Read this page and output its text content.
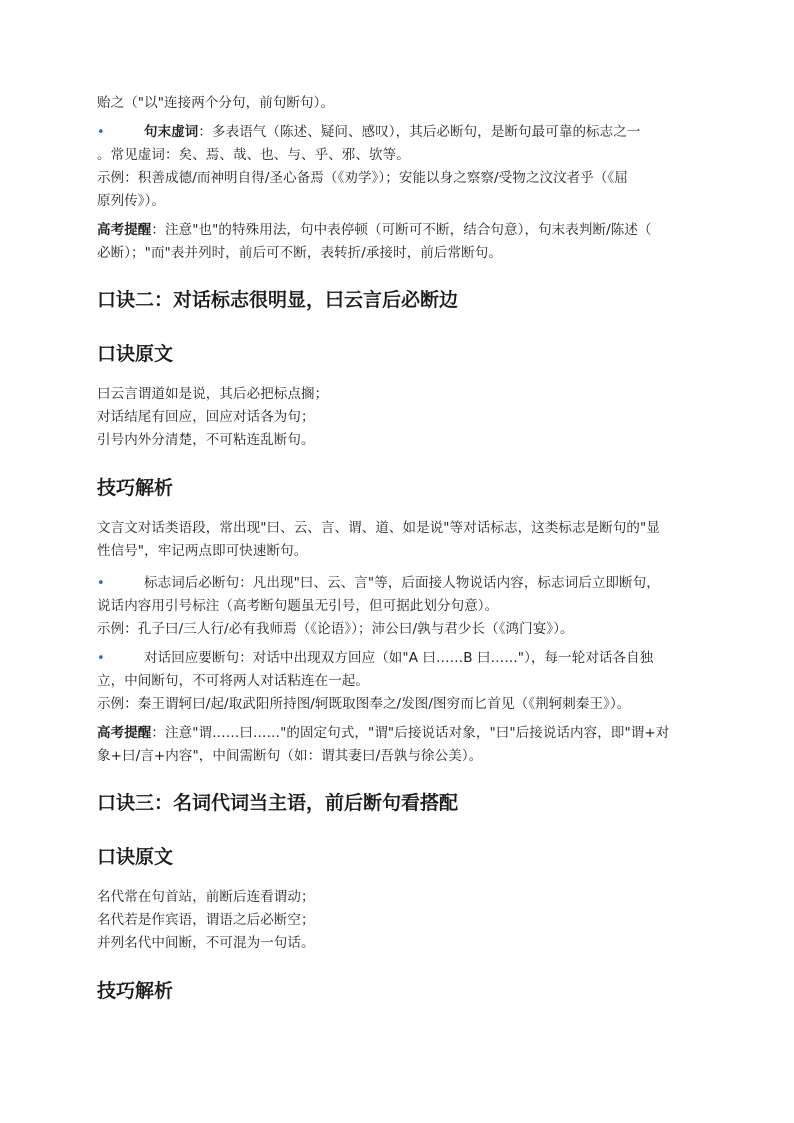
贻之（"以"连接两个分句，前句断句）。

•	句末虚词：多表语气（陈述、疑问、感叹），其后必断句，是断句最可靠的标志之一

。常见虚词：矣、焉、哉、也、与、乎、邪、欤等。

示例：积善成德/而神明自得/圣心备焉（《劝学》）；安能以身之察察/受物之汶汶者乎（《屈

原列传》）。

高考提醒：注意"也"的特殊用法，句中表停顿（可断可不断，结合句意），句末表判断/陈述（

必断）；"而"表并列时，前后可不断，表转折/承接时，前后常断句。

口诀二：对话标志很明显，曰云言后必断边
口诀原文

曰云言谓道如是说，其后必把标点搁；

对话结尾有回应，回应对话各为句；

引号内外分清楚，不可粘连乱断句。

技巧解析

文言文对话类语段，常出现"曰、云、言、谓、道、如是说"等对话标志，这类标志是断句的"显

性信号"，牢记两点即可快速断句。

•	标志词后必断句：凡出现"曰、云、言"等，后面接人物说话内容，标志词后立即断句，

说话内容用引号标注（高考断句题虽无引号，但可据此划分句意）。

示例：孔子曰/三人行/必有我师焉（《论语》）；沛公曰/孰与君少长（《鸿门宴》）。

•	对话回应要断句：对话中出现双方回应（如"A 曰……B 曰……"），每一轮对话各自独

立，中间断句，不可将两人对话粘连在一起。

示例：秦王谓轲曰/起/取武阳所持图/轲既取图奉之/发图/图穷而匕首见（《荆轲刺秦王》）。

高考提醒：注意"谓……曰……"的固定句式，"谓"后接说话对象，"曰"后接说话内容，即"谓+对

象+曰/言+内容"，中间需断句（如：谓其妻曰/吾孰与徐公美）。

口诀三：名词代词当主语，前后断句看搭配
口诀原文

名代常在句首站，前断后连看谓动；

名代若是作宾语，谓语之后必断空；

并列名代中间断，不可混为一句话。

技巧解析
